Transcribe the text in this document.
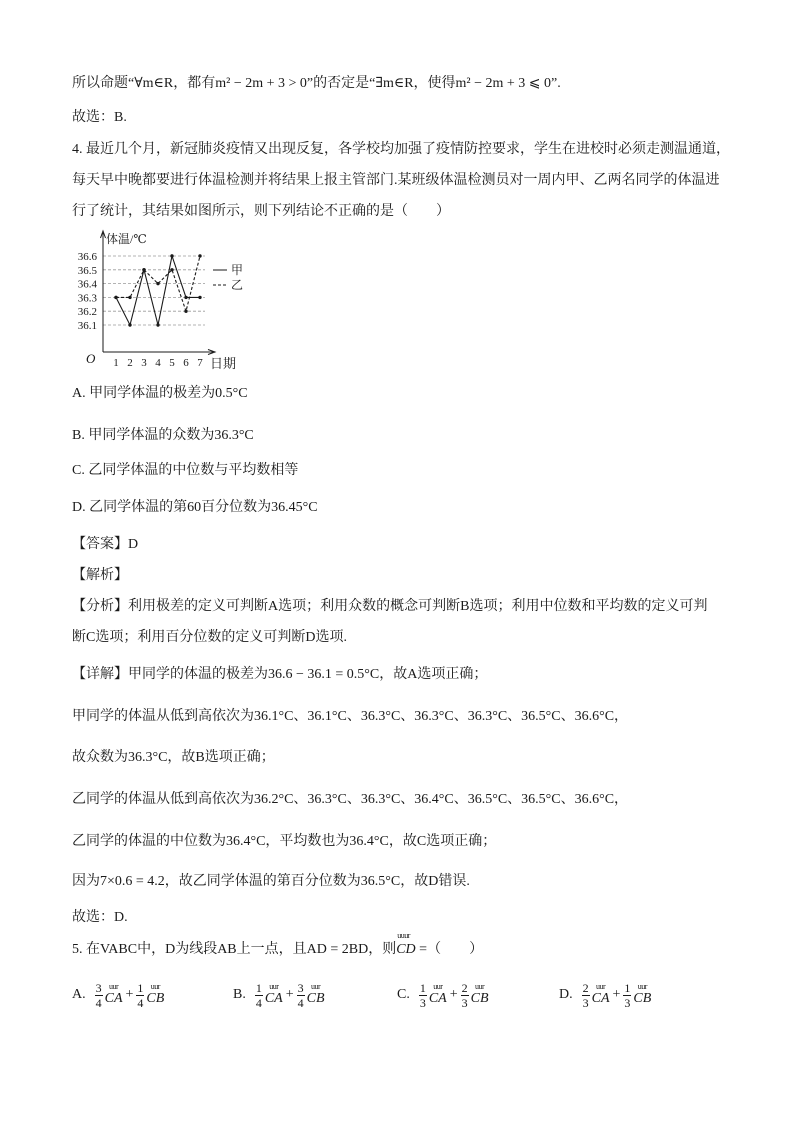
所以命题“∀m∈R，都有m² − 2m + 3 > 0”的否定是“∃m∈R，使得m² − 2m + 3 ⩽ 0”.
故选：B.
4. 最近几个月，新冠肺炎疫情又出现反复，各学校均加强了疫情防控要求，学生在进校时必须走测温通道，
每天早中晚都要进行体温检测并将结果上报主管部门.某班级体温检测员对一周内甲、乙两名同学的体温进
行了统计，其结果如图所示，则下列结论不正确的是（　　）
体温/℃
O	日期
36.6
36.5
36.4
36.3
36.2
36.1
1 2 3 4 5 6 7
甲
乙
A. 甲同学体温的极差为0.5°C
B. 甲同学体温的众数为36.3°C
C. 乙同学体温的中位数与平均数相等
D. 乙同学体温的第60百分位数为36.45°C
【答案】D
【解析】
【分析】利用极差的定义可判断A选项；利用众数的概念可判断B选项；利用中位数和平均数的定义可判
断C选项；利用百分位数的定义可判断D选项.
【详解】甲同学的体温的极差为36.6 − 36.1 = 0.5°C，故A选项正确；
甲同学的体温从低到高依次为36.1°C、36.1°C、36.3°C、36.3°C、36.3°C、36.5°C、36.6°C，
故众数为36.3°C，故B选项正确；
乙同学的体温从低到高依次为36.2°C、36.3°C、36.3°C、36.4°C、36.5°C、36.5°C、36.6°C，
乙同学的体温的中位数为36.4°C，平均数也为36.4°C，故C选项正确；
因为7×0.6 = 4.2，故乙同学体温的第百分位数为36.5°C，故D错误.
故选：D.
5. 在VABC中，D为线段AB上一点，且AD = 2BD，则
uuur
CD =（　　）
A. $\frac{3}{4}$ uur
CA + $\frac{1}{4}$ uur
CB	B. $\frac{1}{4}$ uur
CA + $\frac{3}{4}$ uur
CB	C. $\frac{1}{3}$ uur
CA + $\frac{2}{3}$ uur
CB	D. $\frac{2}{3}$ uur
CA + $\frac{1}{3}$ uur
CB
